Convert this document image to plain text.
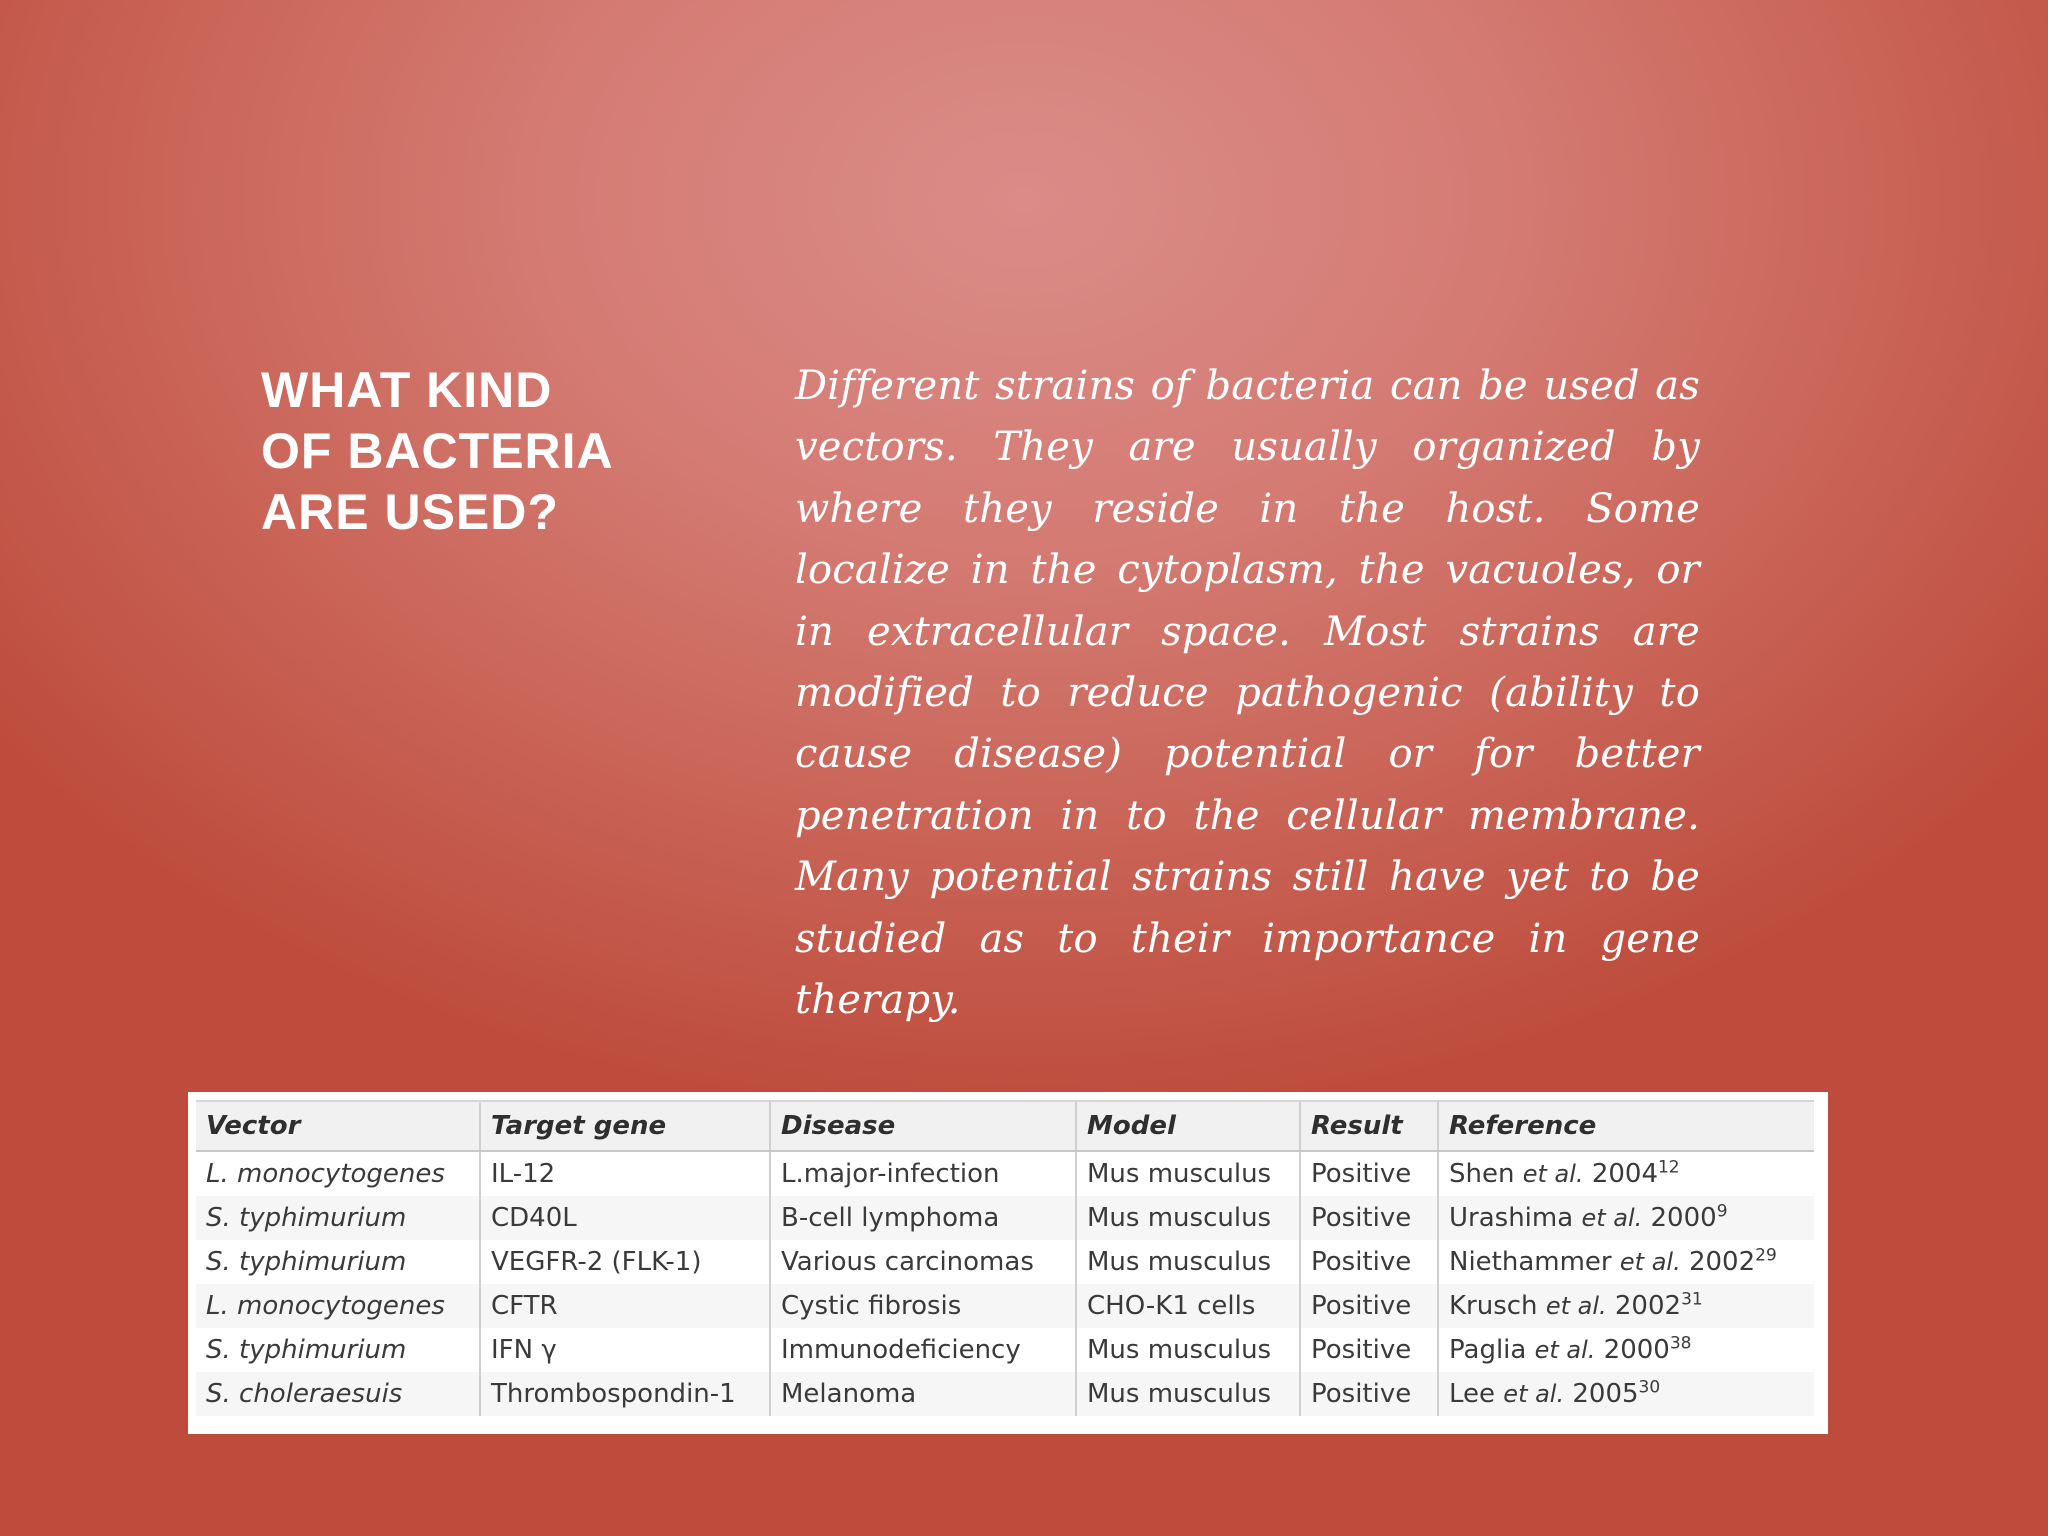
WHAT KIND
OF BACTERIA
ARE USED?

Different strains of bacteria can be used as vectors. They are usually organized by where they reside in the host. Some localize in the cytoplasm, the vacuoles, or in extracellular space. Most strains are modified to reduce pathogenic (ability to cause disease) potential or for better penetration in to the cellular membrane. Many potential strains still have yet to be studied as to their importance in gene therapy.

Vector	Target gene	Disease	Model	Result	Reference
L. monocytogenes	IL-12	L.major-infection	Mus musculus	Positive	Shen et al. 2004$^{12}$
S. typhimurium	CD40L	B-cell lymphoma	Mus musculus	Positive	Urashima et al. 2000$^9$
S. typhimurium	VEGFR-2 (FLK-1)	Various carcinomas	Mus musculus	Positive	Niethammer et al. 2002$^{29}$
L. monocytogenes	CFTR	Cystic fibrosis	CHO-K1 cells	Positive	Krusch et al. 2002$^{31}$
S. typhimurium	IFN γ	Immunodeficiency	Mus musculus	Positive	Paglia et al. 2000$^{38}$
S. choleraesuis	Thrombospondin-1	Melanoma	Mus musculus	Positive	Lee et al. 2005$^{30}$
